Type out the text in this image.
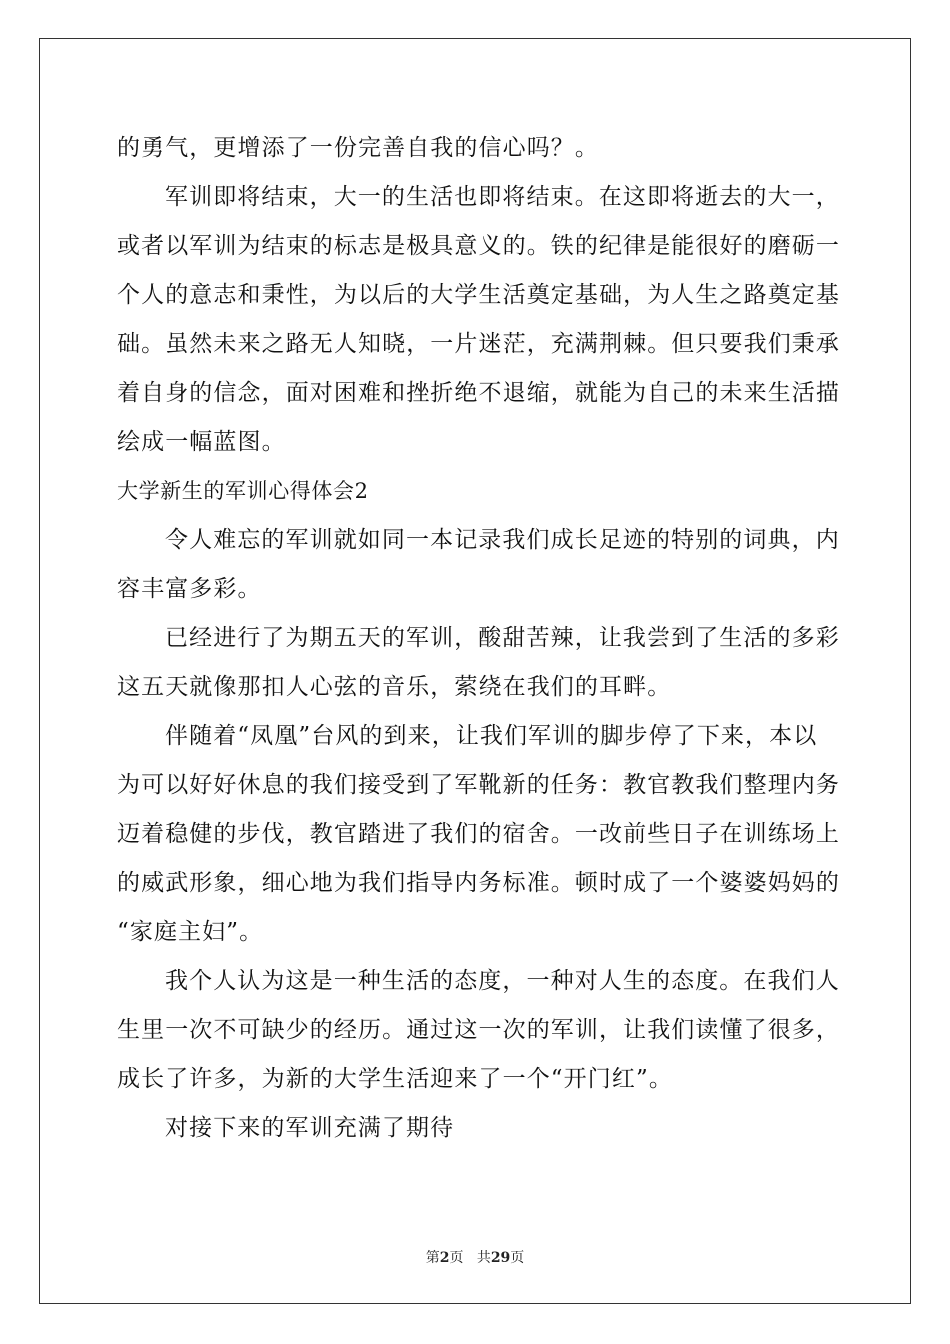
的勇气，更增添了一份完善自我的信心吗？。
军训即将结束，大一的生活也即将结束。在这即将逝去的大一，
或者以军训为结束的标志是极具意义的。铁的纪律是能很好的磨砺一
个人的意志和秉性，为以后的大学生活奠定基础，为人生之路奠定基
础。虽然未来之路无人知晓，一片迷茫，充满荆棘。但只要我们秉承
着自身的信念，面对困难和挫折绝不退缩，就能为自己的未来生活描
绘成一幅蓝图。
大学新生的军训心得体会2
令人难忘的军训就如同一本记录我们成长足迹的特别的词典，内
容丰富多彩。
已经进行了为期五天的军训，酸甜苦辣，让我尝到了生活的多彩
这五天就像那扣人心弦的音乐，萦绕在我们的耳畔。
伴随着“凤凰”台风的到来，让我们军训的脚步停了下来，本以
为可以好好休息的我们接受到了军靴新的任务：教官教我们整理内务
迈着稳健的步伐，教官踏进了我们的宿舍。一改前些日子在训练场上
的威武形象，细心地为我们指导内务标准。顿时成了一个婆婆妈妈的
“家庭主妇”。
我个人认为这是一种生活的态度，一种对人生的态度。在我们人
生里一次不可缺少的经历。通过这一次的军训，让我们读懂了很多，
成长了许多，为新的大学生活迎来了一个“开门红”。
对接下来的军训充满了期待
第2页 共29页
